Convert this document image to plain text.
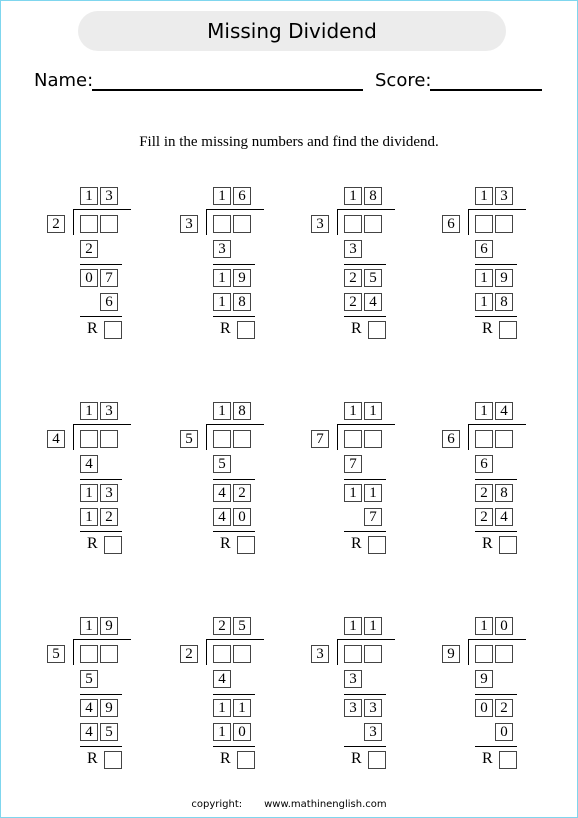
Missing Dividend
Name:	Score:
Fill in the missing numbers and find the dividend.
1 3
2
2
0 7
6
R
1 6
3
3
1 9
1 8
R
1 8
3
3
2 5
2 4
R
1 3
6
6
1 9
1 8
R
1 3
4
4
1 3
1 2
R
1 8
5
5
4 2
4 0
R
1 1
7
7
1 1
7
R
1 4
6
6
2 8
2 4
R
1 9
5
5
4 9
4 5
R
2 5
2
4
1 1
1 0
R
1 1
3
3
3 3
3
R
1 0
9
9
0 2
0
R
copyright: www.mathinenglish.com
